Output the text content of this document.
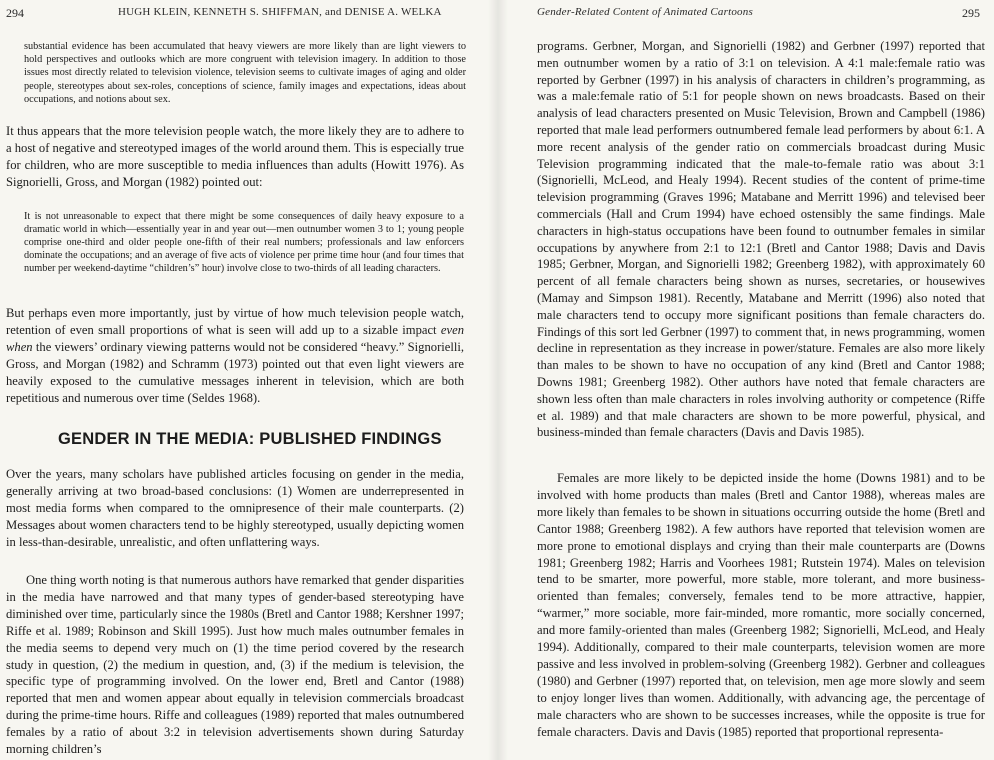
294	HUGH KLEIN, KENNETH S. SHIFFMAN, and DENISE A. WELKA

substantial evidence has been accumulated that heavy viewers are more likely than are light viewers to hold perspectives and outlooks which are more congruent with television imagery. In addition to those issues most directly related to television violence, television seems to cultivate images of aging and older people, stereotypes about sex-roles, conceptions of science, family images and expectations, ideas about occupations, and notions about sex.

It thus appears that the more television people watch, the more likely they are to adhere to a host of negative and stereotyped images of the world around them. This is especially true for children, who are more susceptible to media influences than adults (Howitt 1976). As Signorielli, Gross, and Morgan (1982) pointed out:

It is not unreasonable to expect that there might be some consequences of daily heavy exposure to a dramatic world in which—essentially year in and year out—men outnumber women 3 to 1; young people comprise one-third and older people one-fifth of their real numbers; professionals and law enforcers dominate the occupations; and an average of five acts of violence per prime time hour (and four times that number per weekend-daytime “children’s” hour) involve close to two-thirds of all leading characters.

But perhaps even more importantly, just by virtue of how much television people watch, retention of even small proportions of what is seen will add up to a sizable impact even when the viewers’ ordinary viewing patterns would not be considered “heavy.” Signorielli, Gross, and Morgan (1982) and Schramm (1973) pointed out that even light viewers are heavily exposed to the cumulative messages inherent in television, which are both repetitious and numerous over time (Seldes 1968).

GENDER IN THE MEDIA: PUBLISHED FINDINGS

Over the years, many scholars have published articles focusing on gender in the media, generally arriving at two broad-based conclusions: (1) Women are underrepresented in most media forms when compared to the omnipresence of their male counterparts. (2) Messages about women characters tend to be highly stereotyped, usually depicting women in less-than-desirable, unrealistic, and often unflattering ways.

One thing worth noting is that numerous authors have remarked that gender disparities in the media have narrowed and that many types of gender-based stereotyping have diminished over time, particularly since the 1980s (Bretl and Cantor 1988; Kershner 1997; Riffe et al. 1989; Robinson and Skill 1995). Just how much males outnumber females in the media seems to depend very much on (1) the time period covered by the research study in question, (2) the medium in question, and, (3) if the medium is television, the specific type of programming involved. On the lower end, Bretl and Cantor (1988) reported that men and women appear about equally in television commercials broadcast during the prime-time hours. Riffe and colleagues (1989) reported that males outnumbered females by a ratio of about 3:2 in television advertisements shown during Saturday morning children’s

Gender-Related Content of Animated Cartoons	295

programs. Gerbner, Morgan, and Signorielli (1982) and Gerbner (1997) reported that men outnumber women by a ratio of 3:1 on television. A 4:1 male:female ratio was reported by Gerbner (1997) in his analysis of characters in children’s programming, as was a male:female ratio of 5:1 for people shown on news broadcasts. Based on their analysis of lead characters presented on Music Television, Brown and Campbell (1986) reported that male lead performers outnumbered female lead performers by about 6:1. A more recent analysis of the gender ratio on commercials broadcast during Music Television programming indicated that the male-to-female ratio was about 3:1 (Signorielli, McLeod, and Healy 1994). Recent studies of the content of prime-time television programming (Graves 1996; Matabane and Merritt 1996) and televised beer commercials (Hall and Crum 1994) have echoed ostensibly the same findings. Male characters in high-status occupations have been found to outnumber females in similar occupations by anywhere from 2:1 to 12:1 (Bretl and Cantor 1988; Davis and Davis 1985; Gerbner, Morgan, and Signorielli 1982; Greenberg 1982), with approximately 60 percent of all female characters being shown as nurses, secretaries, or housewives (Mamay and Simpson 1981). Recently, Matabane and Merritt (1996) also noted that male characters tend to occupy more significant positions than female characters do. Findings of this sort led Gerbner (1997) to comment that, in news programming, women decline in representation as they increase in power/stature. Females are also more likely than males to be shown to have no occupation of any kind (Bretl and Cantor 1988; Downs 1981; Greenberg 1982). Other authors have noted that female characters are shown less often than male characters in roles involving authority or competence (Riffe et al. 1989) and that male characters are shown to be more powerful, physical, and business-minded than female characters (Davis and Davis 1985).

Females are more likely to be depicted inside the home (Downs 1981) and to be involved with home products than males (Bretl and Cantor 1988), whereas males are more likely than females to be shown in situations occurring outside the home (Bretl and Cantor 1988; Greenberg 1982). A few authors have reported that television women are more prone to emotional displays and crying than their male counterparts are (Downs 1981; Greenberg 1982; Harris and Voorhees 1981; Rutstein 1974). Males on television tend to be smarter, more powerful, more stable, more tolerant, and more business-oriented than females; conversely, females tend to be more attractive, happier, “warmer,” more sociable, more fair-minded, more romantic, more socially concerned, and more family-oriented than males (Greenberg 1982; Signorielli, McLeod, and Healy 1994). Additionally, compared to their male counterparts, television women are more passive and less involved in problem-solving (Greenberg 1982). Gerbner and colleagues (1980) and Gerbner (1997) reported that, on television, men age more slowly and seem to enjoy longer lives than women. Additionally, with advancing age, the percentage of male characters who are shown to be successes increases, while the opposite is true for female characters. Davis and Davis (1985) reported that proportional representa-
